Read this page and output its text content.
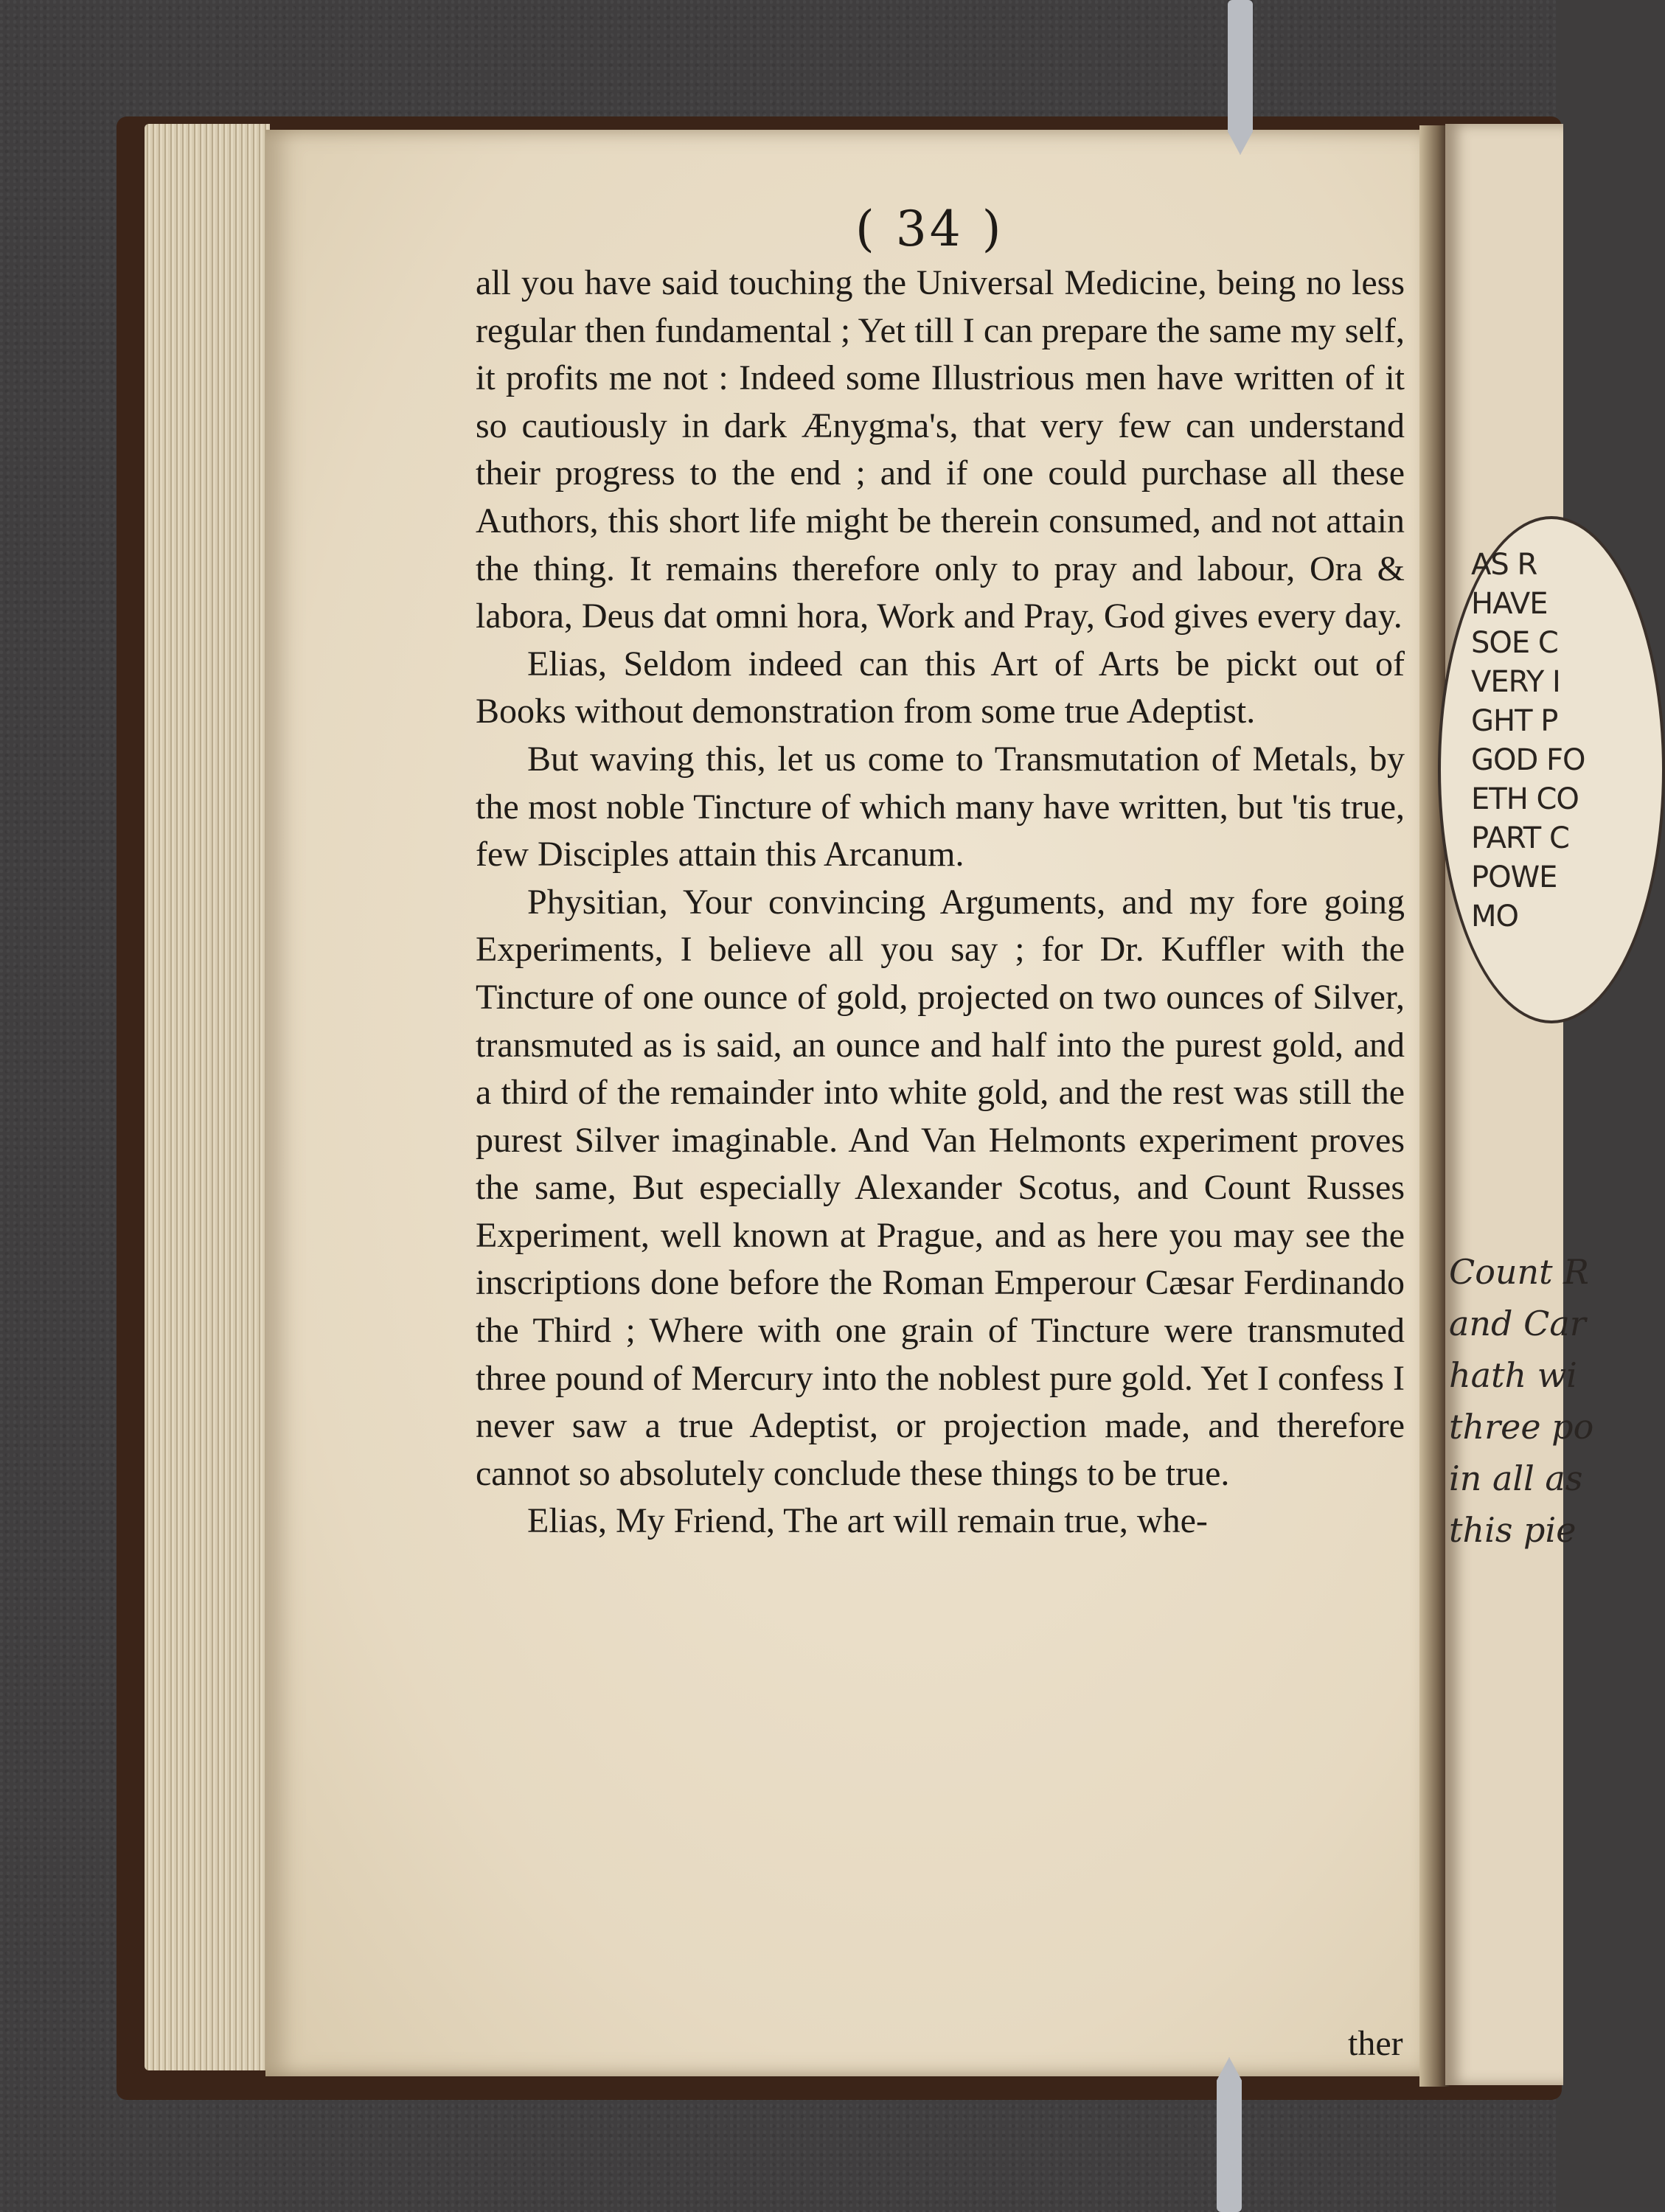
AS R
HAVE
SOE C
VERY I
GHT P
GOD FO
ETH CO
PART C
POWE
MO
Count R
and Car
hath wi
three po
in all as
this pie
( 34 )

all you have said touching the Universal Medicine, being no less regular then fundamental ; Yet till I can prepare the same my self, it profits me not : Indeed some Illustrious men have written of it so cautiously in dark Ænygma's, that very few can understand their progress to the end ; and if one could purchase all these Authors, this short life might be therein consumed, and not attain the thing. It remains therefore only to pray and labour, Ora & labora, Deus dat omni hora, Work and Pray, God gives every day.

Elias, Seldom indeed can this Art of Arts be pickt out of Books without demonstration from some true Adeptist.

But waving this, let us come to Transmutation of Metals, by the most noble Tincture of which many have written, but 'tis true, few Disciples attain this Arcanum.

Physitian, Your convincing Arguments, and my fore going Experiments, I believe all you say ; for Dr. Kuffler with the Tincture of one ounce of gold, projected on two ounces of Silver, transmuted as is said, an ounce and half into the purest gold, and a third of the remainder into white gold, and the rest was still the purest Silver imaginable. And Van Helmonts experiment proves the same, But especially Alexander Scotus, and Count Russes Experiment, well known at Prague, and as here you may see the inscriptions done before the Roman Emperour Cæsar Ferdinando the Third ; Where with one grain of Tincture were transmuted three pound of Mercury into the noblest pure gold. Yet I confess I never saw a true Adeptist, or projection made, and therefore cannot so absolutely conclude these things to be true.

Elias, My Friend, The art will remain true, whe-

ther
